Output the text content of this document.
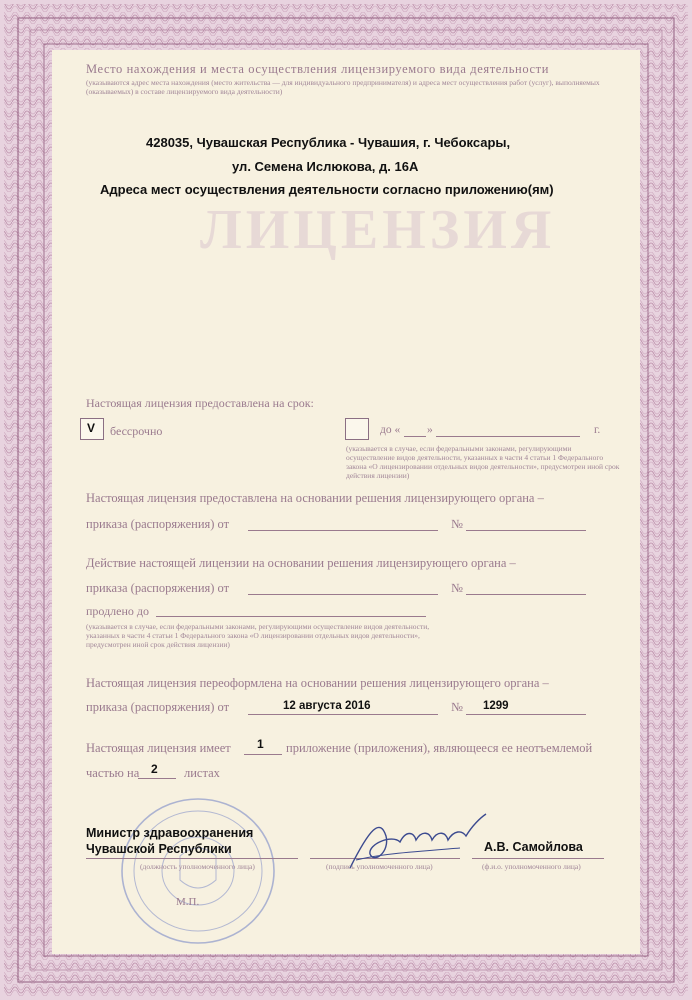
ЛИЦЕНЗИЯ
Место нахождения и места осуществления лицензируемого вида деятельности
(указываются адрес места нахождения (место жительства — для индивидуального предпринимателя) и адреса мест осуществления работ (услуг), выполняемых (оказываемых) в составе лицензируемого вида деятельности)
428035, Чувашская Республика - Чувашия, г. Чебоксары,
ул. Семена Ислюкова, д. 16А
Адреса мест осуществления деятельности согласно приложению(ям)
Настоящая лицензия предоставлена на срок:
V бессрочно	до « »	г.
(указывается в случае, если федеральными законами, регулирующими осуществление видов деятельности, указанных в части 4 статьи 1 Федерального закона «О лицензировании отдельных видов деятельности», предусмотрен иной срок действия лицензии)
Настоящая лицензия предоставлена на основании решения лицензирующего органа –
приказа (распоряжения) от	№
Действие настоящей лицензии на основании решения лицензирующего органа –
приказа (распоряжения) от	№
продлено до
(указывается в случае, если федеральными законами, регулирующими осуществление видов деятельности, указанных в части 4 статьи 1 Федерального закона «О лицензировании отдельных видов деятельности», предусмотрен иной срок действия лицензии)
Настоящая лицензия переоформлена на основании решения лицензирующего органа –
приказа (распоряжения) от	12 августа 2016	№ 1299
Настоящая лицензия имеет 1 приложение (приложения), являющееся ее неотъемлемой
частью на 2 листах
М.П.
Министр здравоохранения
Чувашской Республики
(должность уполномоченного лица)	(подпись уполномоченного лица)
А.В. Самойлова
(ф.и.о. уполномоченного лица)
